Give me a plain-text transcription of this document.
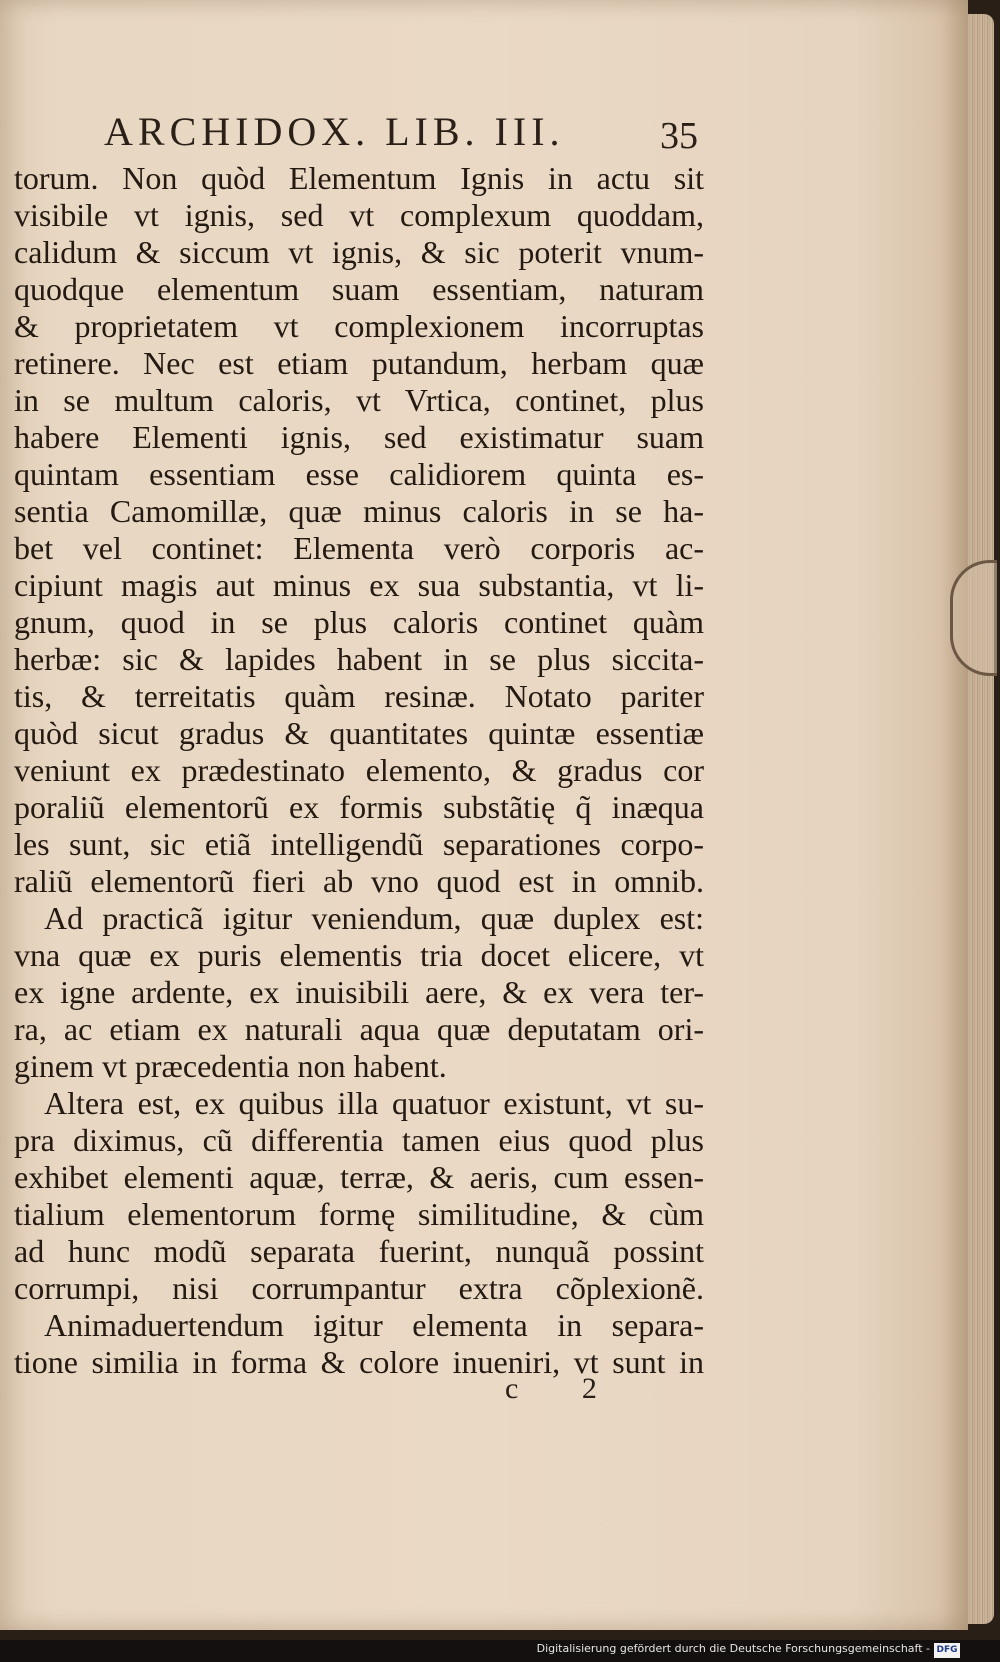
ARCHIDOX. LIB. III.	35
torum. Non quòd Elementum Ignis in actu sit
visibile vt ignis, sed vt complexum quoddam,
calidum & siccum vt ignis, & sic poterit vnum-
quodque elementum suam essentiam, naturam
& proprietatem vt complexionem incorruptas
retinere. Nec est etiam putandum, herbam quæ
in se multum caloris, vt Vrtica, continet, plus
habere Elementi ignis, sed existimatur suam
quintam essentiam esse calidiorem quinta es-
sentia Camomillæ, quæ minus caloris in se ha-
bet vel continet: Elementa verò corporis ac-
cipiunt magis aut minus ex sua substantia, vt li-
gnum, quod in se plus caloris continet quàm
herbæ: sic & lapides habent in se plus siccita-
tis, & terreitatis quàm resinæ. Notato pariter
quòd sicut gradus & quantitates quintæ essentiæ
veniunt ex prædestinato elemento, & gradus cor
poraliũ elementorũ ex formis substãtię q̃ inæqua
les sunt, sic etiã intelligendũ separationes corpo-
raliũ elementorũ fieri ab vno quod est in omnib.
Ad practicã igitur veniendum, quæ duplex est:
vna quæ ex puris elementis tria docet elicere, vt
ex igne ardente, ex inuisibili aere, & ex vera ter-
ra, ac etiam ex naturali aqua quæ deputatam ori-
ginem vt præcedentia non habent.
Altera est, ex quibus illa quatuor existunt, vt su-
pra diximus, cũ differentia tamen eius quod plus
exhibet elementi aquæ, terræ, & aeris, cum essen-
tialium elementorum formę similitudine, & cùm
ad hunc modũ separata fuerint, nunquã possint
corrumpi, nisi corrumpantur extra cõplexionẽ.
Animaduertendum igitur elementa in separa-
tione similia in forma & colore inueniri, vt sunt in
c 2
Digitalisierung gefördert durch die Deutsche Forschungsgemeinschaft - DFG
